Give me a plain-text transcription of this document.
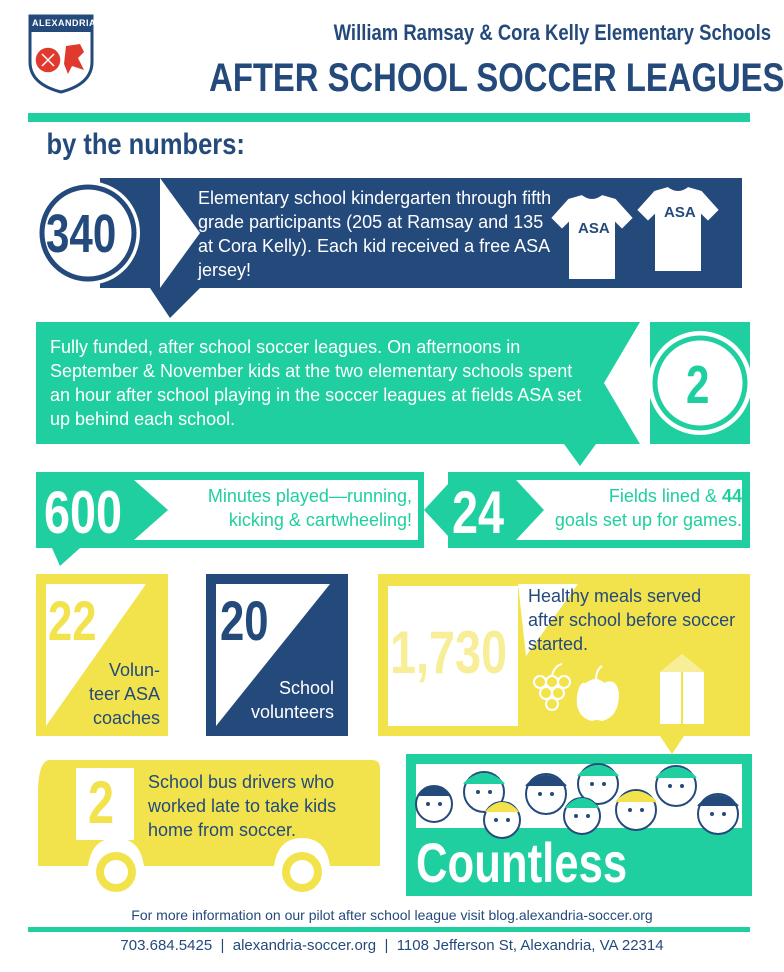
ALEXANDRIA	William Ramsay & Cora Kelly Elementary Schools
AFTER SCHOOL SOCCER LEAGUES
by the numbers:
340
Elementary school kindergarten through fifth grade participants (205 at Ramsay and 135 at Cora Kelly). Each kid received a free ASA jersey!
ASA
ASA
Fully funded, after school soccer leagues. On afternoons in September & November kids at the two elementary schools spent an hour after school playing in the soccer leagues at fields ASA set up behind each school.
2
600	Minutes played—running,
kicking & cartwheeling! 24	Fields lined & 44
goals set up for games.
22
Volun-
teer ASA
coaches
20
School
volunteers
1,730
Healthy meals served after school before soccer started.
2 School bus drivers who worked late to take kids home from soccer.
Countless
For more information on our pilot after school league visit blog.alexandria-soccer.org
703.684.5425  |  alexandria-soccer.org  |  1108 Jefferson St, Alexandria, VA 22314
